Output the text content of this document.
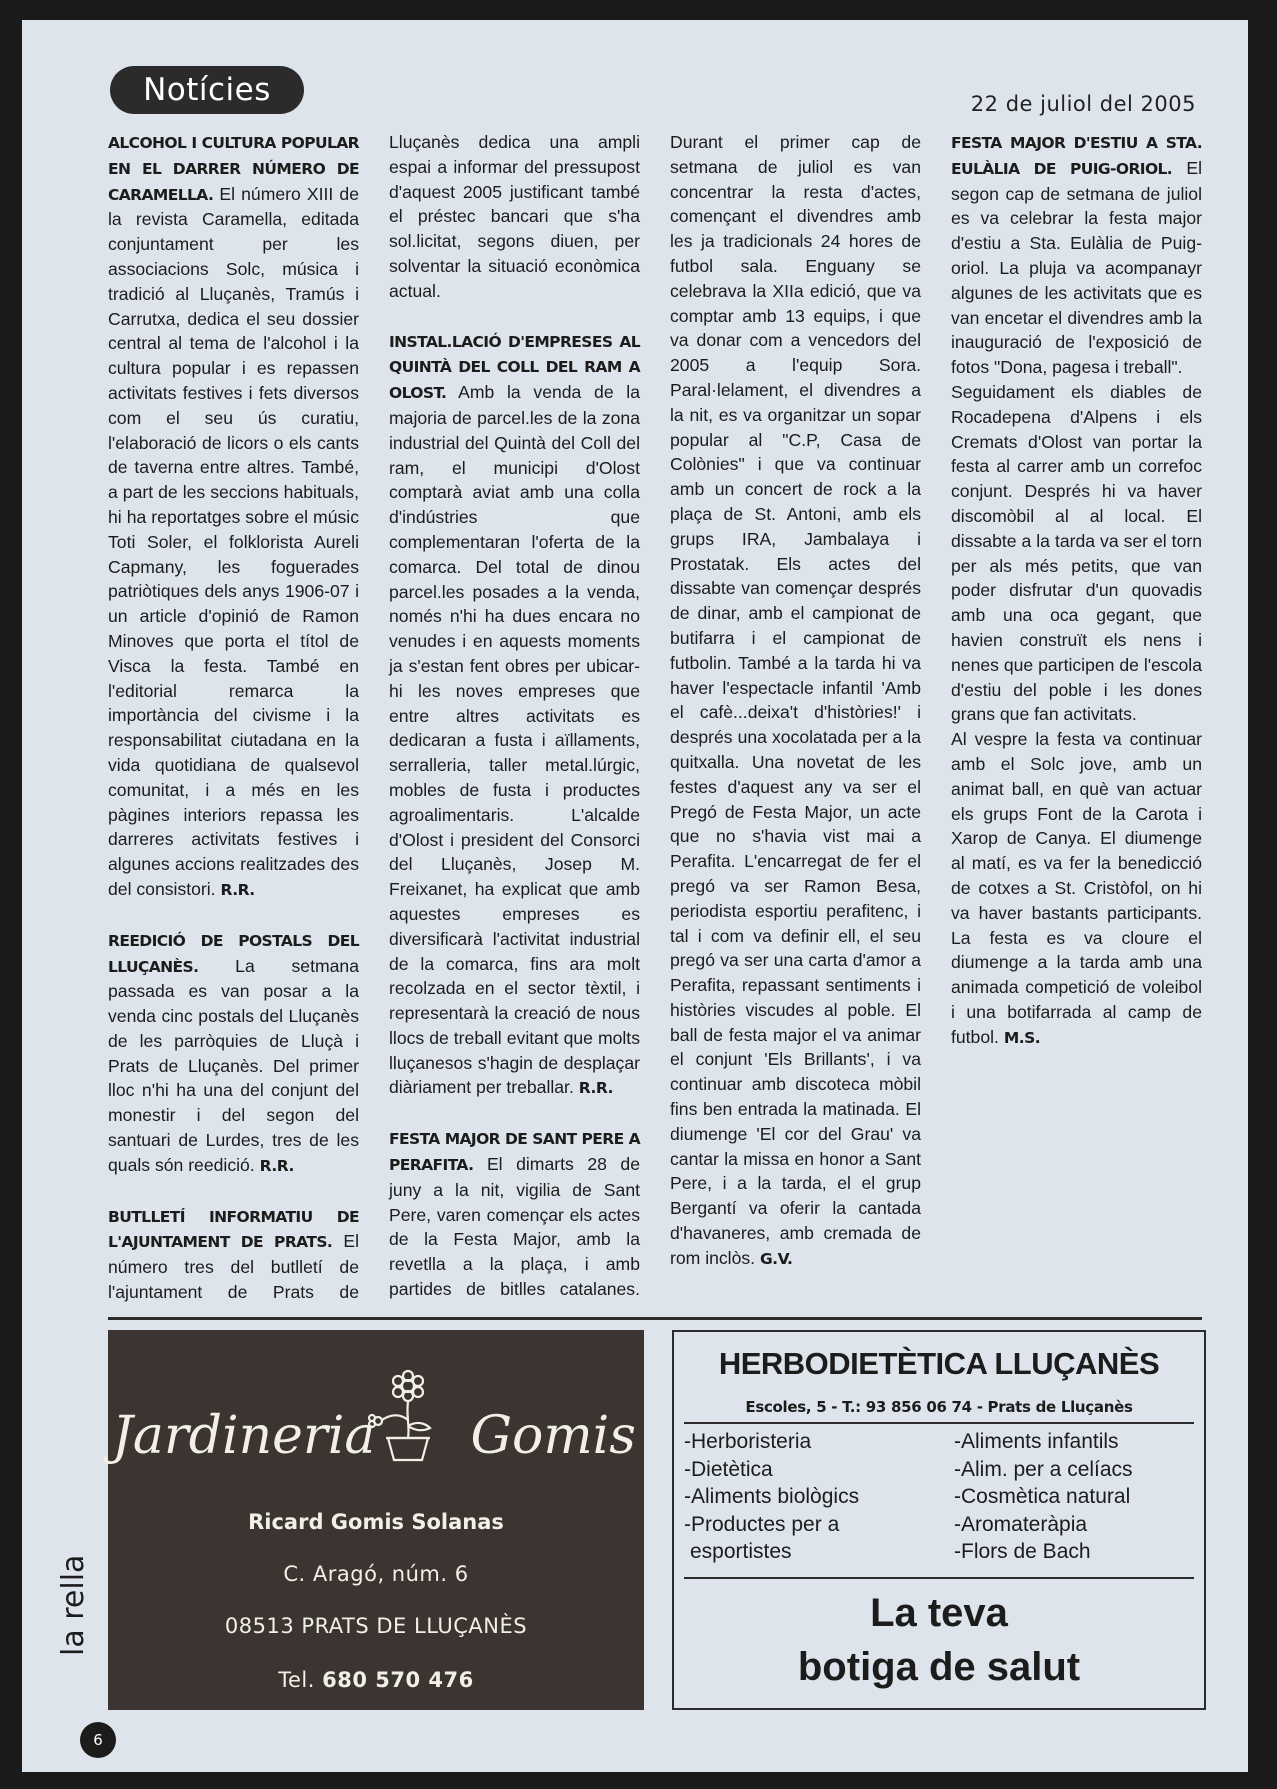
Notícies	22 de juliol del 2005

ALCOHOL I CULTURA POPULAR EN EL DARRER NÚMERO DE CARAMELLA. El número XIII de la revista Caramella, editada conjuntament per les associacions Solc, música i tradició al Lluçanès, Tramús i Carrutxa, dedica el seu dossier central al tema de l'alcohol i la cultura popular i es repassen activitats festives i fets diversos com el seu ús curatiu, l'elaboració de licors o els cants de taverna entre altres. També, a part de les seccions habituals, hi ha reportatges sobre el músic Toti Soler, el folklorista Aureli Capmany, les foguerades patriòtiques dels anys 1906-07 i un article d'opinió de Ramon Minoves que porta el títol de Visca la festa. També en l'editorial remarca la importància del civisme i la responsabilitat ciutadana en la vida quotidiana de qualsevol comunitat, i a més en les pàgines interiors repassa les darreres activitats festives i algunes accions realitzades des del consistori. R.R.

REEDICIÓ DE POSTALS DEL LLUÇANÈS. La setmana passada es van posar a la venda cinc postals del Lluçanès de les parròquies de Lluçà i Prats de Lluçanès. Del primer lloc n'hi ha una del conjunt del monestir i del segon del santuari de Lurdes, tres de les quals són reedició. R.R.

BUTLLETÍ INFORMATIU DE L'AJUNTAMENT DE PRATS. El número tres del butlletí de l'ajuntament de Prats de Lluçanès dedica una ampli espai a informar del pressupost d'aquest 2005 justificant també el préstec bancari que s'ha sol.licitat, segons diuen, per solventar la situació econòmica actual.

INSTAL.LACIÓ D'EMPRESES AL QUINTÀ DEL COLL DEL RAM A OLOST. Amb la venda de la majoria de parcel.les de la zona industrial del Quintà del Coll del ram, el municipi d'Olost comptarà aviat amb una colla d'indústries que complementaran l'oferta de la comarca. Del total de dinou parcel.les posades a la venda, només n'hi ha dues encara no venudes i en aquests moments ja s'estan fent obres per ubicar-hi les noves empreses que entre altres activitats es dedicaran a fusta i aïllaments, serralleria, taller metal.lúrgic, mobles de fusta i productes agroalimentaris. L'alcalde d'Olost i president del Consorci del Lluçanès, Josep M. Freixanet, ha explicat que amb aquestes empreses es diversificarà l'activitat industrial de la comarca, fins ara molt recolzada en el sector tèxtil, i representarà la creació de nous llocs de treball evitant que molts lluçanesos s'hagin de desplaçar diàriament per treballar. R.R.

FESTA MAJOR DE SANT PERE A PERAFITA. El dimarts 28 de juny a la nit, vigilia de Sant Pere, varen començar els actes de la Festa Major, amb la revetlla a la plaça, i amb partides de bitlles catalanes. Durant el primer cap de setmana de juliol es van concentrar la resta d'actes, començant el divendres amb les ja tradicionals 24 hores de futbol sala. Enguany se celebrava la XIIa edició, que va comptar amb 13 equips, i que va donar com a vencedors del 2005 a l'equip Sora. Paral·lelament, el divendres a la nit, es va organitzar un sopar popular al "C.P, Casa de Colònies" i que va continuar amb un concert de rock a la plaça de St. Antoni, amb els grups IRA, Jambalaya i Prostatak. Els actes del dissabte van començar després de dinar, amb el campionat de butifarra i el campionat de futbolin. També a la tarda hi va haver l'espectacle infantil 'Amb el cafè...deixa't d'històries!' i després una xocolatada per a la quitxalla. Una novetat de les festes d'aquest any va ser el Pregó de Festa Major, un acte que no s'havia vist mai a Perafita. L'encarregat de fer el pregó va ser Ramon Besa, periodista esportiu perafitenc, i tal i com va definir ell, el seu pregó va ser una carta d'amor a Perafita, repassant sentiments i històries viscudes al poble. El ball de festa major el va animar el conjunt 'Els Brillants', i va continuar amb discoteca mòbil fins ben entrada la matinada. El diumenge 'El cor del Grau' va cantar la missa en honor a Sant Pere, i a la tarda, el el grup Bergantí va oferir la cantada d'havaneres, amb cremada de rom inclòs. G.V.

FESTA MAJOR D'ESTIU A STA. EULÀLIA DE PUIG-ORIOL. El segon cap de setmana de juliol es va celebrar la festa major d'estiu a Sta. Eulàlia de Puig-oriol. La pluja va acompanayr algunes de les activitats que es van encetar el divendres amb la inauguració de l'exposició de fotos "Dona, pagesa i treball".

Seguidament els diables de Rocadepena d'Alpens i els Cremats d'Olost van portar la festa al carrer amb un correfoc conjunt. Després hi va haver discomòbil al al local. El dissabte a la tarda va ser el torn per als més petits, que van poder disfrutar d'un quovadis amb una oca gegant, que havien construït els nens i nenes que participen de l'escola d'estiu del poble i les dones grans que fan activitats.

Al vespre la festa va continuar amb el Solc jove, amb un animat ball, en què van actuar els grups Font de la Carota i Xarop de Canya. El diumenge al matí, es va fer la benedicció de cotxes a St. Cristòfol, on hi va haver bastants participants. La festa es va cloure el diumenge a la tarda amb una animada competició de voleibol i una botifarrada al camp de futbol. M.S.

Jardineria Gomis
Ricard Gomis Solanas
C. Aragó, núm. 6
08513 PRATS DE LLUÇANÈS
Tel. 680 570 476
HERBODIETÈTICA LLUÇANÈS
Escoles, 5 - T.: 93 856 06 74 - Prats de Lluçanès
-Herboristeria
-Dietètica
-Aliments biològics
-Productes per a
esportistes
-Aliments infantils
-Alim. per a celíacs
-Cosmètica natural
-Aromateràpia
-Flors de Bach
La teva
botiga de salut
la rella
6
